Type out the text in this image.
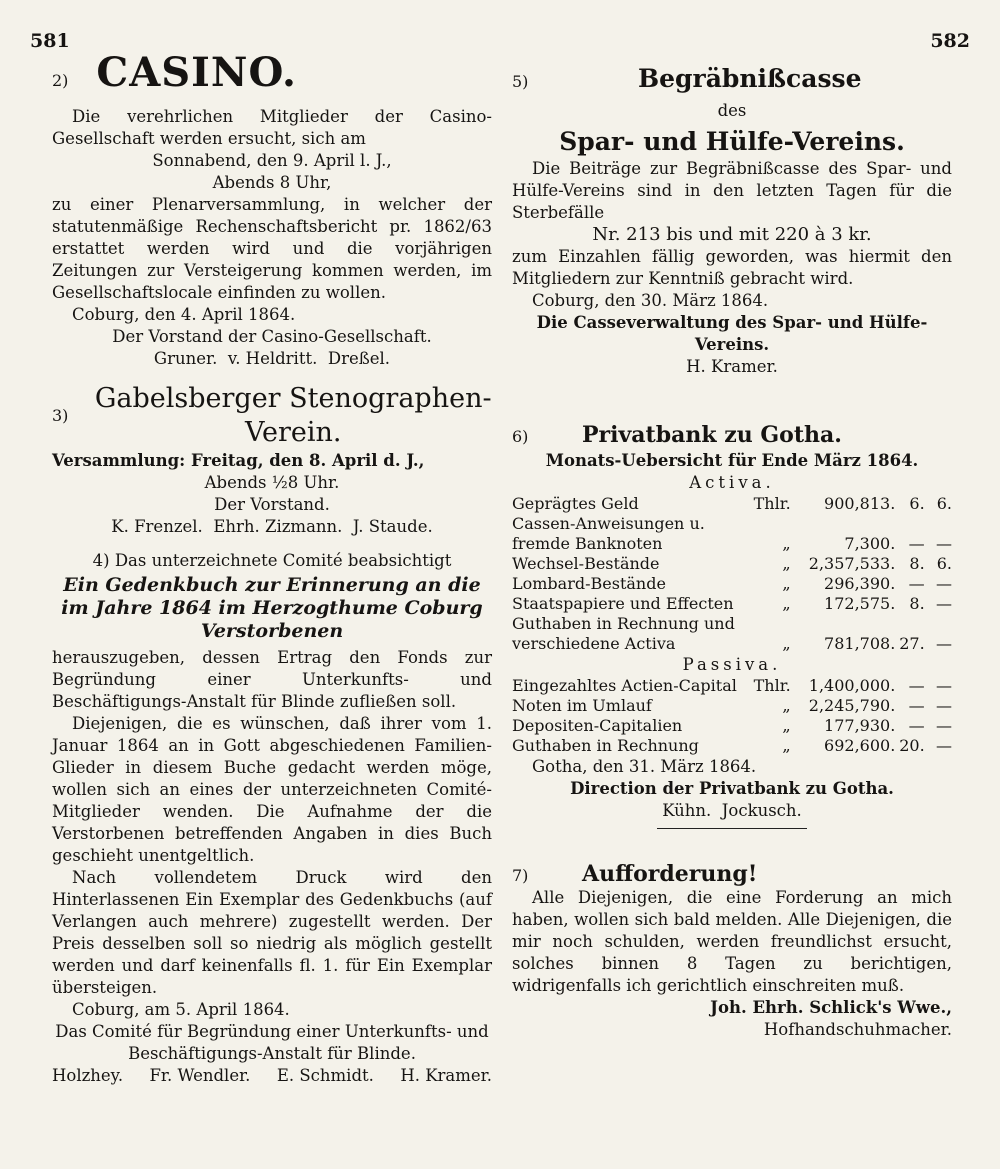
581	582
2) CASINO.

Die verehrlichen Mitglieder der Casino-Gesellschaft werden ersucht, sich am

Sonnabend, den 9. April l. J.,

Abends 8 Uhr,

zu einer Plenarversammlung, in welcher der statutenmäßige Rechenschaftsbericht pr. 1862/63 erstattet werden wird und die vorjährigen Zeitungen zur Versteigerung kommen werden, im Gesellschaftslocale einfinden zu wollen.

Coburg, den 4. April 1864.

Der Vorstand der Casino-Gesellschaft.

Gruner. v. Heldritt. Dreßel.

3)
Gabelsberger Stenographen-Verein.

Versammlung: Freitag, den 8. April d. J.,

Abends ½8 Uhr.

Der Vorstand.

K. Frenzel. Ehrh. Zizmann. J. Staude.

4) Das unterzeichnete Comité beabsichtigt

Ein Gedenkbuch zur Erinnerung an die im Jahre 1864 im Herzogthume Coburg Verstorbenen

herauszugeben, dessen Ertrag den Fonds zur Begründung einer Unterkunfts- und Beschäftigungs-Anstalt für Blinde zufließen soll.

Diejenigen, die es wünschen, daß ihrer vom 1. Januar 1864 an in Gott abgeschiedenen Familien-Glieder in diesem Buche gedacht werden möge, wollen sich an eines der unterzeichneten Comité-Mitglieder wenden. Die Aufnahme der die Verstorbenen betreffenden Angaben in dies Buch geschieht unentgeltlich.

Nach vollendetem Druck wird den Hinterlassenen Ein Exemplar des Gedenkbuchs (auf Verlangen auch mehrere) zugestellt werden. Der Preis desselben soll so niedrig als möglich gestellt werden und darf keinenfalls fl. 1. für Ein Exemplar übersteigen.

Coburg, am 5. April 1864.

Das Comité für Begründung einer Unterkunfts- und Beschäftigungs-Anstalt für Blinde.

Holzhey. Fr. Wendler. E. Schmidt. H. Kramer.

5)	Begräbnißcasse
des
Spar- und Hülfe-Vereins.

Die Beiträge zur Begräbnißcasse des Spar- und Hülfe-Vereins sind in den letzten Tagen für die Sterbefälle

Nr. 213 bis und mit 220 à 3 kr.

zum Einzahlen fällig geworden, was hiermit den Mitgliedern zur Kenntniß gebracht wird.

Coburg, den 30. März 1864.

Die Casseverwaltung des Spar- und Hülfe-Vereins.

H. Kramer.

6)	Privatbank zu Gotha.

Monats-Uebersicht für Ende März 1864.

Activa.

Geprägtes Geld	Thlr.	900,813.	6.	6.
Cassen-Anweisungen u. fremde Banknoten	„	7,300.	—	—
Wechsel-Bestände	„	2,357,533.	8.	6.
Lombard-Bestände	„	296,390.	—	—
Staatspapiere und Effecten	„	172,575.	8.	—
Guthaben in Rechnung und verschiedene Activa	„	781,708.	27.	—

Passiva.

Eingezahltes Actien-Capital	Thlr.	1,400,000.	—	—
Noten im Umlauf	„	2,245,790.	—	—
Depositen-Capitalien	„	177,930.	—	—
Guthaben in Rechnung	„	692,600.	20.	—

Gotha, den 31. März 1864.

Direction der Privatbank zu Gotha.

Kühn. Jockusch.

7)	Aufforderung!

Alle Diejenigen, die eine Forderung an mich haben, wollen sich bald melden. Alle Diejenigen, die mir noch schulden, werden freundlichst ersucht, solches binnen 8 Tagen zu berichtigen, widrigenfalls ich gerichtlich einschreiten muß.

Joh. Ehrh. Schlick's Wwe.,

Hofhandschuhmacher.
